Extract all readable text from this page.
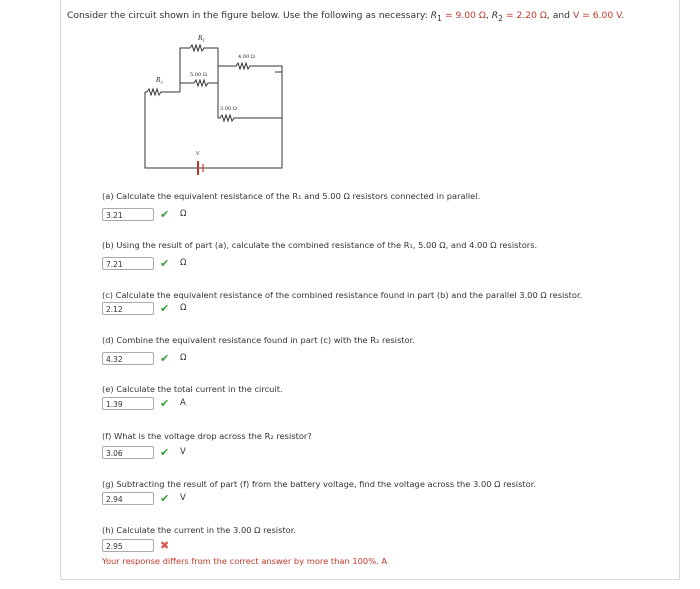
Consider the circuit shown in the figure below. Use the following as necessary: $R_1 = 9.00$ Ω, $R_2 = 2.20$ Ω, and V = 6.00 V.
$R_1$
$R_2$
5.00 Ω
4.00 Ω
3.00 Ω
V
(a) Calculate the equivalent resistance of the R₁ and 5.00 Ω resistors connected in parallel.
3.21	✔ Ω
(b) Using the result of part (a), calculate the combined resistance of the R₁, 5.00 Ω, and 4.00 Ω resistors.
7.21	✔ Ω
(c) Calculate the equivalent resistance of the combined resistance found in part (b) and the parallel 3.00 Ω resistor.
2.12	✔ Ω
(d) Combine the equivalent resistance found in part (c) with the R₂ resistor.
4.32	✔ Ω
(e) Calculate the total current in the circuit.
1.39	✔ A
(f) What is the voltage drop across the R₂ resistor?
3.06	✔ V
(g) Subtracting the result of part (f) from the battery voltage, find the voltage across the 3.00 Ω resistor.
2.94	✔ V
(h) Calculate the current in the 3.00 Ω resistor.
2.95	✖
Your response differs from the correct answer by more than 100%. A
